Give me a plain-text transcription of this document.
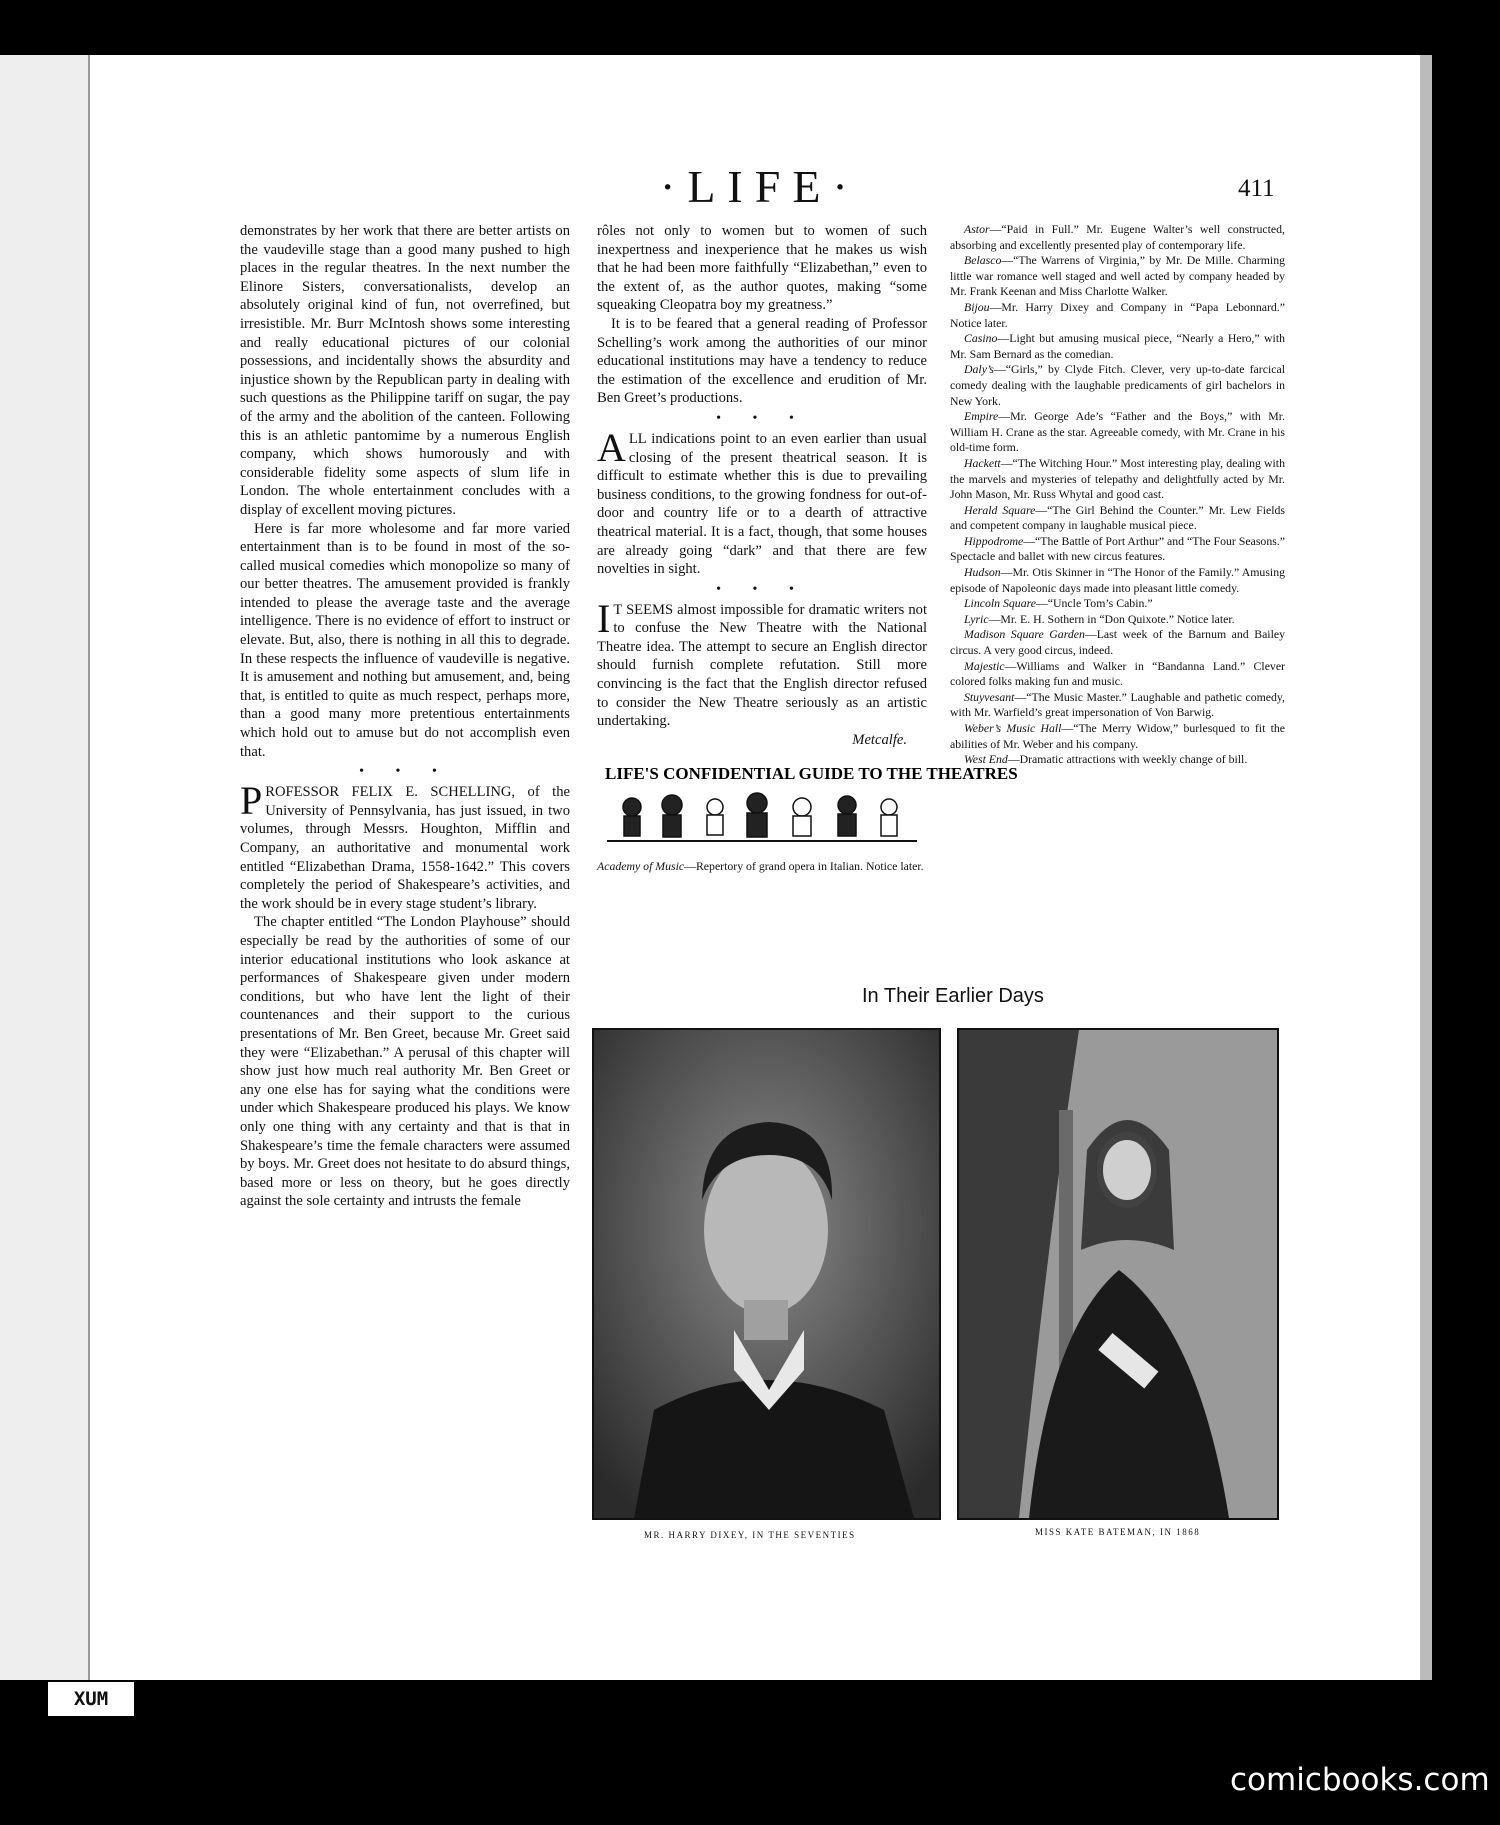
·LIFE·	411

demonstrates by her work that there are better artists on the vaudeville stage than a good many pushed to high places in the regular theatres. In the next number the Elinore Sisters, conversationalists, develop an absolutely original kind of fun, not overrefined, but irresistible. Mr. Burr McIntosh shows some interesting and really educational pictures of our colonial possessions, and incidentally shows the absurdity and injustice shown by the Republican party in dealing with such questions as the Philippine tariff on sugar, the pay of the army and the abolition of the canteen. Following this is an athletic pantomime by a numerous English company, which shows humorously and with considerable fidelity some aspects of slum life in London. The whole entertainment concludes with a display of excellent moving pictures.

Here is far more wholesome and far more varied entertainment than is to be found in most of the so-called musical comedies which monopolize so many of our better theatres. The amusement provided is frankly intended to please the average taste and the average intelligence. There is no evidence of effort to instruct or elevate. But, also, there is nothing in all this to degrade. In these respects the influence of vaudeville is negative. It is amusement and nothing but amusement, and, being that, is entitled to quite as much respect, perhaps more, than a good many more pretentious entertainments which hold out to amuse but do not accomplish even that.

• • •

PROFESSOR FELIX E. SCHELLING, of the University of Pennsylvania, has just issued, in two volumes, through Messrs. Houghton, Mifflin and Company, an authoritative and monumental work entitled “Elizabethan Drama, 1558-1642.” This covers completely the period of Shakespeare’s activities, and the work should be in every stage student’s library.

The chapter entitled “The London Playhouse” should especially be read by the authorities of some of our interior educational institutions who look askance at performances of Shakespeare given under modern conditions, but who have lent the light of their countenances and their support to the curious presentations of Mr. Ben Greet, because Mr. Greet said they were “Elizabethan.” A perusal of this chapter will show just how much real authority Mr. Ben Greet or any one else has for saying what the conditions were under which Shakespeare produced his plays. We know only one thing with any certainty and that is that in Shakespeare’s time the female characters were assumed by boys. Mr. Greet does not hesitate to do absurd things, based more or less on theory, but he goes directly against the sole certainty and intrusts the female

rôles not only to women but to women of such inexpertness and inexperience that he makes us wish that he had been more faithfully “Elizabethan,” even to the extent of, as the author quotes, making “some squeaking Cleopatra boy my greatness.”

It is to be feared that a general reading of Professor Schelling’s work among the authorities of our minor educational institutions may have a tendency to reduce the estimation of the excellence and erudition of Mr. Ben Greet’s productions.

• • •

ALL indications point to an even earlier than usual closing of the present theatrical season. It is difficult to estimate whether this is due to prevailing business conditions, to the growing fondness for out-of-door and country life or to a dearth of attractive theatrical material. It is a fact, though, that some houses are already going “dark” and that there are few novelties in sight.

• • •

I T SEEMS almost impossible for dramatic writers not to confuse the New Theatre with the National Theatre idea. The attempt to secure an English director should furnish complete refutation. Still more convincing is the fact that the English director refused to consider the New Theatre seriously as an artistic undertaking.

Metcalfe.
LIFE'S CONFIDENTIAL GUIDE TO THE THEATRES
Academy of Music—Repertory of grand opera in Italian. Notice later.

Astor—“Paid in Full.” Mr. Eugene Walter’s well constructed, absorbing and excellently presented play of contemporary life.

Belasco—“The Warrens of Virginia,” by Mr. De Mille. Charming little war romance well staged and well acted by company headed by Mr. Frank Keenan and Miss Charlotte Walker.

Bijou—Mr. Harry Dixey and Company in “Papa Lebonnard.” Notice later.

Casino—Light but amusing musical piece, “Nearly a Hero,” with Mr. Sam Bernard as the comedian.

Daly’s—“Girls,” by Clyde Fitch. Clever, very up-to-date farcical comedy dealing with the laughable predicaments of girl bachelors in New York.

Empire—Mr. George Ade’s “Father and the Boys,” with Mr. William H. Crane as the star. Agreeable comedy, with Mr. Crane in his old-time form.

Hackett—“The Witching Hour.” Most interesting play, dealing with the marvels and mysteries of telepathy and delightfully acted by Mr. John Mason, Mr. Russ Whytal and good cast.

Herald Square—“The Girl Behind the Counter.” Mr. Lew Fields and competent company in laughable musical piece.

Hippodrome—“The Battle of Port Arthur” and “The Four Seasons.” Spectacle and ballet with new circus features.

Hudson—Mr. Otis Skinner in “The Honor of the Family.” Amusing episode of Napoleonic days made into pleasant little comedy.

Lincoln Square—“Uncle Tom’s Cabin.”

Lyric—Mr. E. H. Sothern in “Don Quixote.” Notice later.

Madison Square Garden—Last week of the Barnum and Bailey circus. A very good circus, indeed.

Majestic—Williams and Walker in “Bandanna Land.” Clever colored folks making fun and music.

Stuyvesant—“The Music Master.” Laughable and pathetic comedy, with Mr. Warfield’s great impersonation of Von Barwig.

Weber’s Music Hall—“The Merry Widow,” burlesqued to fit the abilities of Mr. Weber and his company.

West End—Dramatic attractions with weekly change of bill.

In Their Earlier Days
MR. HARRY DIXEY, IN THE SEVENTIES	MISS KATE BATEMAN, IN 1868
XUM
comicbooks.com
